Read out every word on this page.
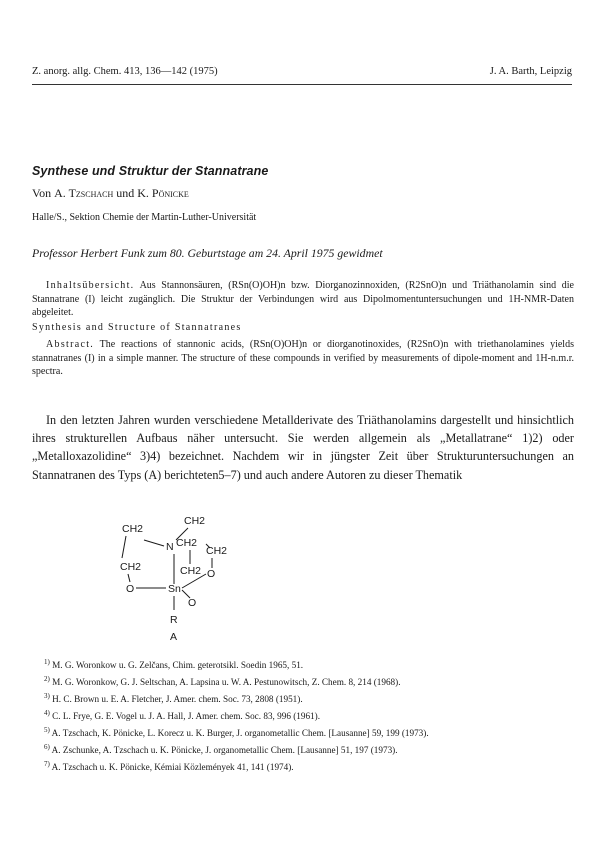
Z. anorg. allg. Chem. 413, 136—142 (1975)	J. A. Barth, Leipzig
Synthese und Struktur der Stannatrane
Von A. Tzschach und K. Pönicke
Halle/S., Sektion Chemie der Martin-Luther-Universität
Professor Herbert Funk zum 80. Geburtstage am 24. April 1975 gewidmet
Inhaltsübersicht. Aus Stannonsäuren, (RSn(O)OH)n bzw. Diorganozinnoxiden, (R2SnO)n und Triäthanolamin sind die Stannatrane (I) leicht zugänglich. Die Struktur der Verbindungen wird aus Dipolmomentuntersuchungen und 1H-NMR-Daten abgeleitet.
Synthesis and Structure of Stannatranes
Abstract. The reactions of stannonic acids, (RSn(O)OH)n or diorganotinoxides, (R2SnO)n with triethanolamines yields stannatranes (I) in a simple manner. The structure of these compounds in verified by measurements of dipole-moment and 1H-n.m.r. spectra.
In den letzten Jahren wurden verschiedene Metallderivate des Triäthanolamins dargestellt und hinsichtlich ihres strukturellen Aufbaus näher untersucht. Sie werden allgemein als „Metallatrane“ 1)2) oder „Metalloxazolidine“ 3)4) bezeichnet. Nachdem wir in jüngster Zeit über Strukturuntersuchungen an Stannatranen des Typs (A) berichteten5–7) und auch andere Autoren zu dieser Thematik
CH2
CH2
N CH2
CH2
CH2	CH2 O
O	Sn
O
R
A

$^{1)}$ M. G. Woronkow u. G. Zelčans, Chim. geterotsikl. Soedin 1965, 51.

$^{2)}$ M. G. Woronkow, G. J. Seltschan, A. Lapsina u. W. A. Pestunowitsch, Z. Chem. 8, 214 (1968).

$^{3)}$ H. C. Brown u. E. A. Fletcher, J. Amer. chem. Soc. 73, 2808 (1951).

$^{4)}$ C. L. Frye, G. E. Vogel u. J. A. Hall, J. Amer. chem. Soc. 83, 996 (1961).

$^{5)}$ A. Tzschach, K. Pönicke, L. Korecz u. K. Burger, J. organometallic Chem. [Lausanne] 59, 199 (1973).

$^{6)}$ A. Zschunke, A. Tzschach u. K. Pönicke, J. organometallic Chem. [Lausanne] 51, 197 (1973).

$^{7)}$ A. Tzschach u. K. Pönicke, Kémiai Közlemények 41, 141 (1974).
